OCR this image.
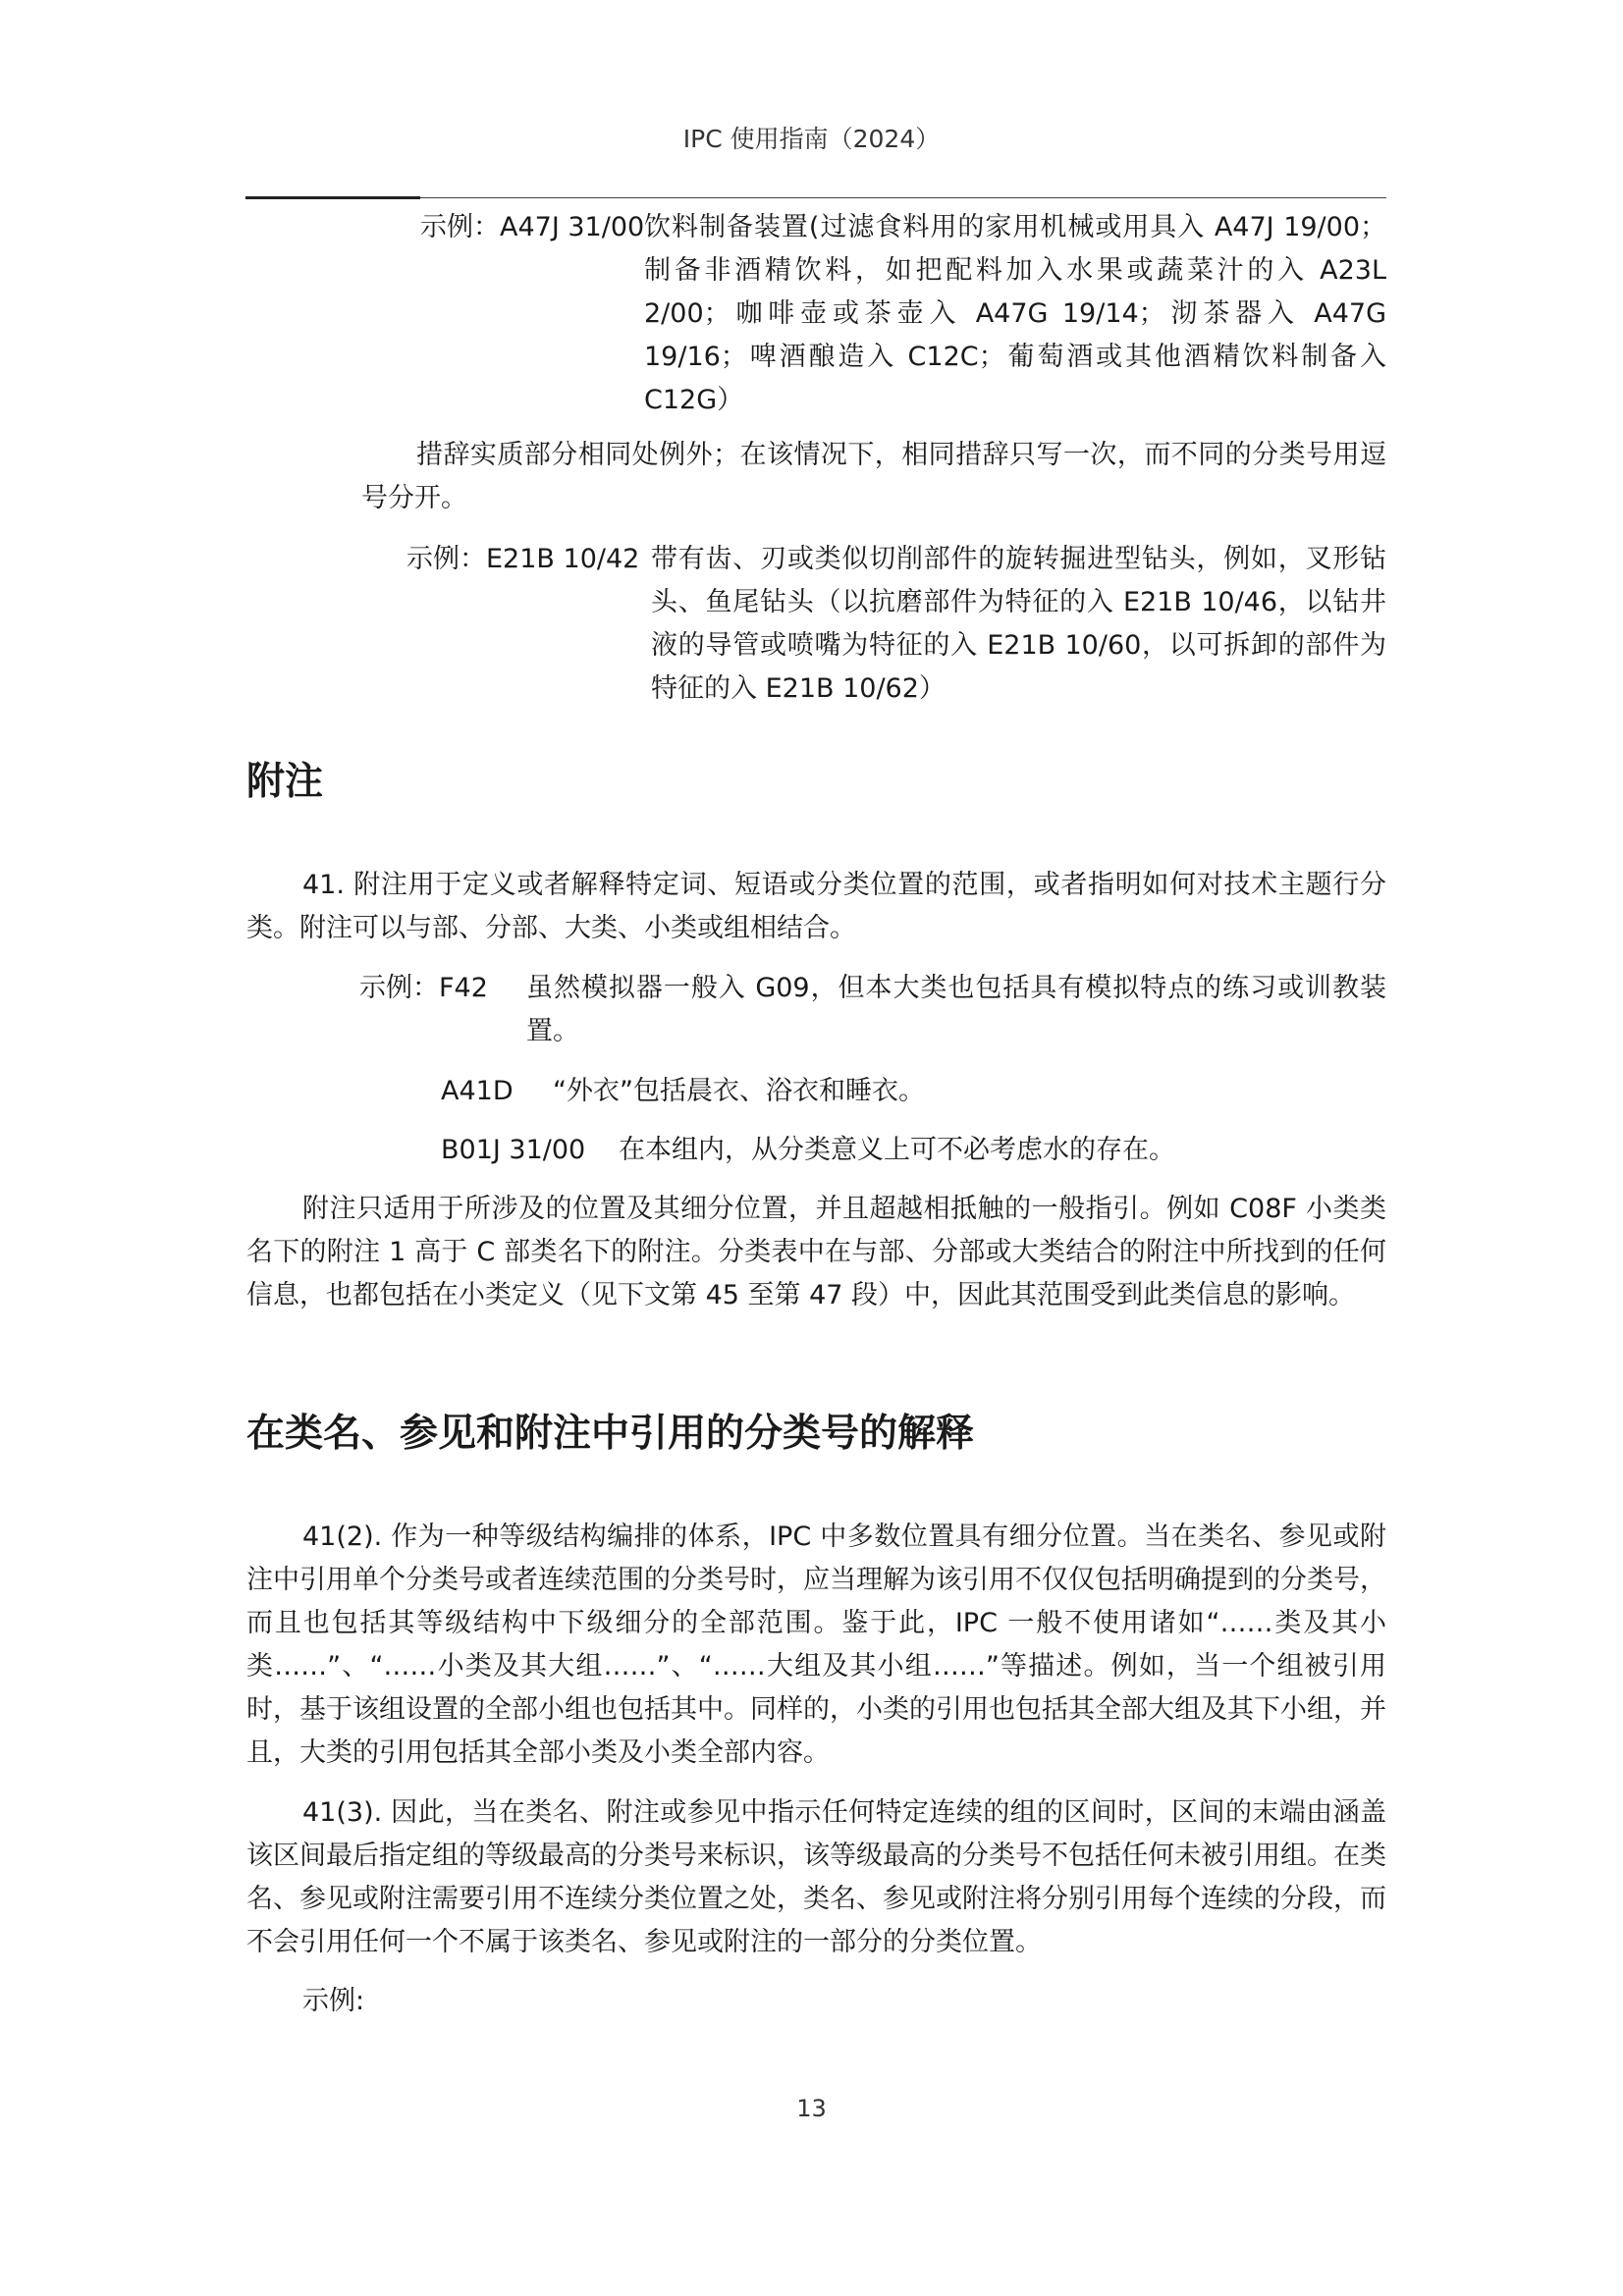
IPC 使用指南（2024）
示例：A47J 31/00 饮料制备装置(过滤食料用的家用机械或用具入 A47J 19/00；制备非酒精饮料，如把配料加入水果或蔬菜汁的入 A23L 2/00；咖啡壶或茶壶入 A47G 19/14；沏茶器入 A47G 19/16；啤酒酿造入 C12C；葡萄酒或其他酒精饮料制备入 C12G）
措辞实质部分相同处例外；在该情况下，相同措辞只写一次，而不同的分类号用逗号分开。
示例：E21B 10/42 带有齿、刃或类似切削部件的旋转掘进型钻头，例如，叉形钻头、鱼尾钻头（以抗磨部件为特征的入 E21B 10/46，以钻井液的导管或喷嘴为特征的入 E21B 10/60，以可拆卸的部件为特征的入 E21B 10/62）
附注
41. 附注用于定义或者解释特定词、短语或分类位置的范围，或者指明如何对技术主题行分类。附注可以与部、分部、大类、小类或组相结合。
示例：F42 虽然模拟器一般入 G09，但本大类也包括具有模拟特点的练习或训教装置。
A41D “外衣”包括晨衣、浴衣和睡衣。
B01J 31/00 在本组内，从分类意义上可不必考虑水的存在。
附注只适用于所涉及的位置及其细分位置，并且超越相抵触的一般指引。例如 C08F 小类类名下的附注 1 高于 C 部类名下的附注。分类表中在与部、分部或大类结合的附注中所找到的任何信息，也都包括在小类定义（见下文第 45 至第 47 段）中，因此其范围受到此类信息的影响。
在类名、参见和附注中引用的分类号的解释
41(2). 作为一种等级结构编排的体系，IPC 中多数位置具有细分位置。当在类名、参见或附注中引用单个分类号或者连续范围的分类号时，应当理解为该引用不仅仅包括明确提到的分类号，而且也包括其等级结构中下级细分的全部范围。鉴于此，IPC 一般不使用诸如“……类及其小类……”、“……小类及其大组……”、“……大组及其小组……”等描述。例如，当一个组被引用时，基于该组设置的全部小组也包括其中。同样的，小类的引用也包括其全部大组及其下小组，并且，大类的引用包括其全部小类及小类全部内容。
41(3). 因此，当在类名、附注或参见中指示任何特定连续的组的区间时，区间的末端由涵盖该区间最后指定组的等级最高的分类号来标识，该等级最高的分类号不包括任何未被引用组。在类名、参见或附注需要引用不连续分类位置之处，类名、参见或附注将分别引用每个连续的分段，而不会引用任何一个不属于该类名、参见或附注的一部分的分类位置。
示例:
13
